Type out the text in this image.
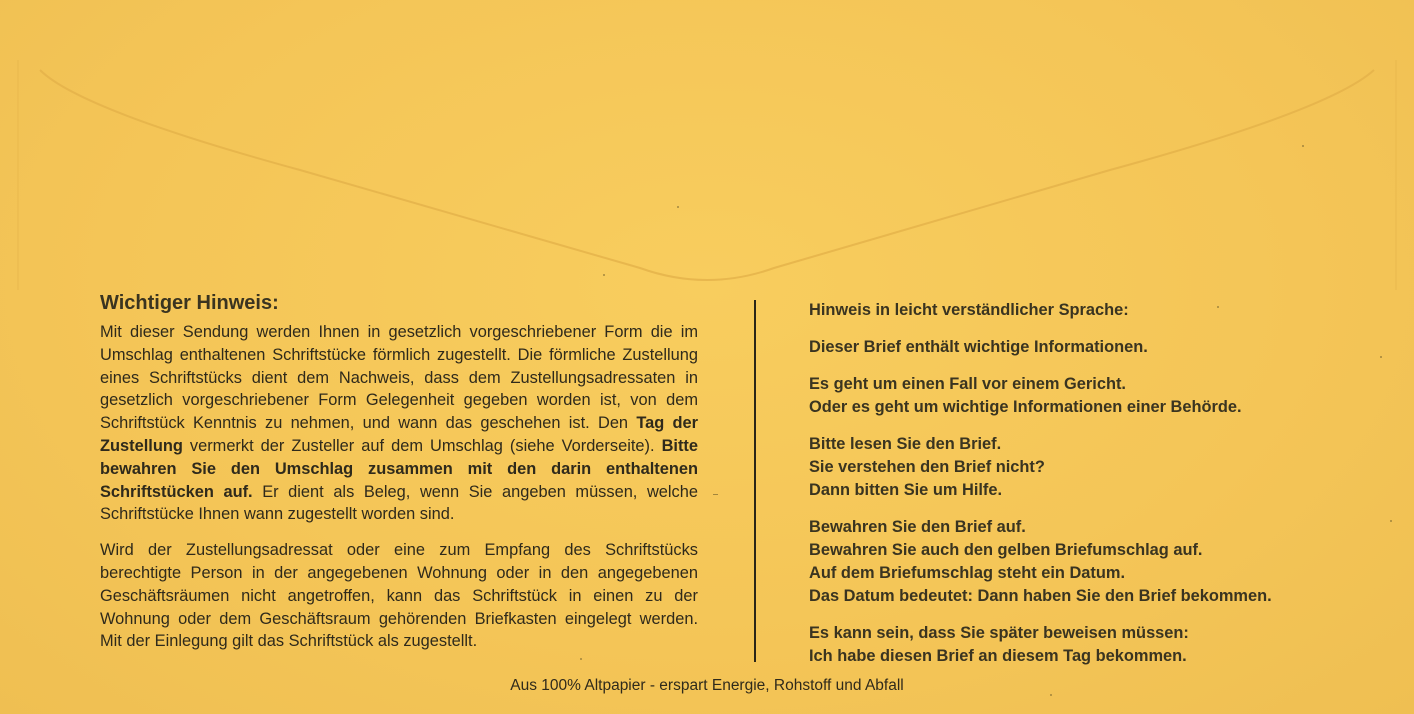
Wichtiger Hinweis:

Mit dieser Sendung werden Ihnen in gesetzlich vorgeschriebener Form die im Umschlag enthaltenen Schriftstücke förmlich zugestellt. Die förmliche Zustellung eines Schriftstücks dient dem Nachweis, dass dem Zustellungsadressaten in gesetzlich vorgeschriebener Form Gelegenheit gegeben worden ist, von dem Schriftstück Kenntnis zu nehmen, und wann das geschehen ist. Den Tag der Zustellung vermerkt der Zusteller auf dem Umschlag (siehe Vorderseite). Bitte bewahren Sie den Umschlag zusammen mit den darin enthaltenen Schriftstücken auf. Er dient als Beleg, wenn Sie angeben müssen, welche Schriftstücke Ihnen wann zugestellt worden sind.

Wird der Zustellungsadressat oder eine zum Empfang des Schriftstücks berechtigte Person in der angegebenen Wohnung oder in den angegebenen Geschäftsräumen nicht angetroffen, kann das Schriftstück in einen zu der Wohnung oder dem Geschäftsraum gehörenden Briefkasten eingelegt werden. Mit der Einlegung gilt das Schriftstück als zugestellt.

Hinweis in leicht verständlicher Sprache:
Dieser Brief enthält wichtige Informationen.
Es geht um einen Fall vor einem Gericht.
Oder es geht um wichtige Informationen einer Behörde.
Bitte lesen Sie den Brief.
Sie verstehen den Brief nicht?
Dann bitten Sie um Hilfe.
Bewahren Sie den Brief auf.
Bewahren Sie auch den gelben Briefumschlag auf.
Auf dem Briefumschlag steht ein Datum.
Das Datum bedeutet: Dann haben Sie den Brief bekommen.
Es kann sein, dass Sie später beweisen müssen:
Ich habe diesen Brief an diesem Tag bekommen.
Aus 100% Altpapier - erspart Energie, Rohstoff und Abfall
